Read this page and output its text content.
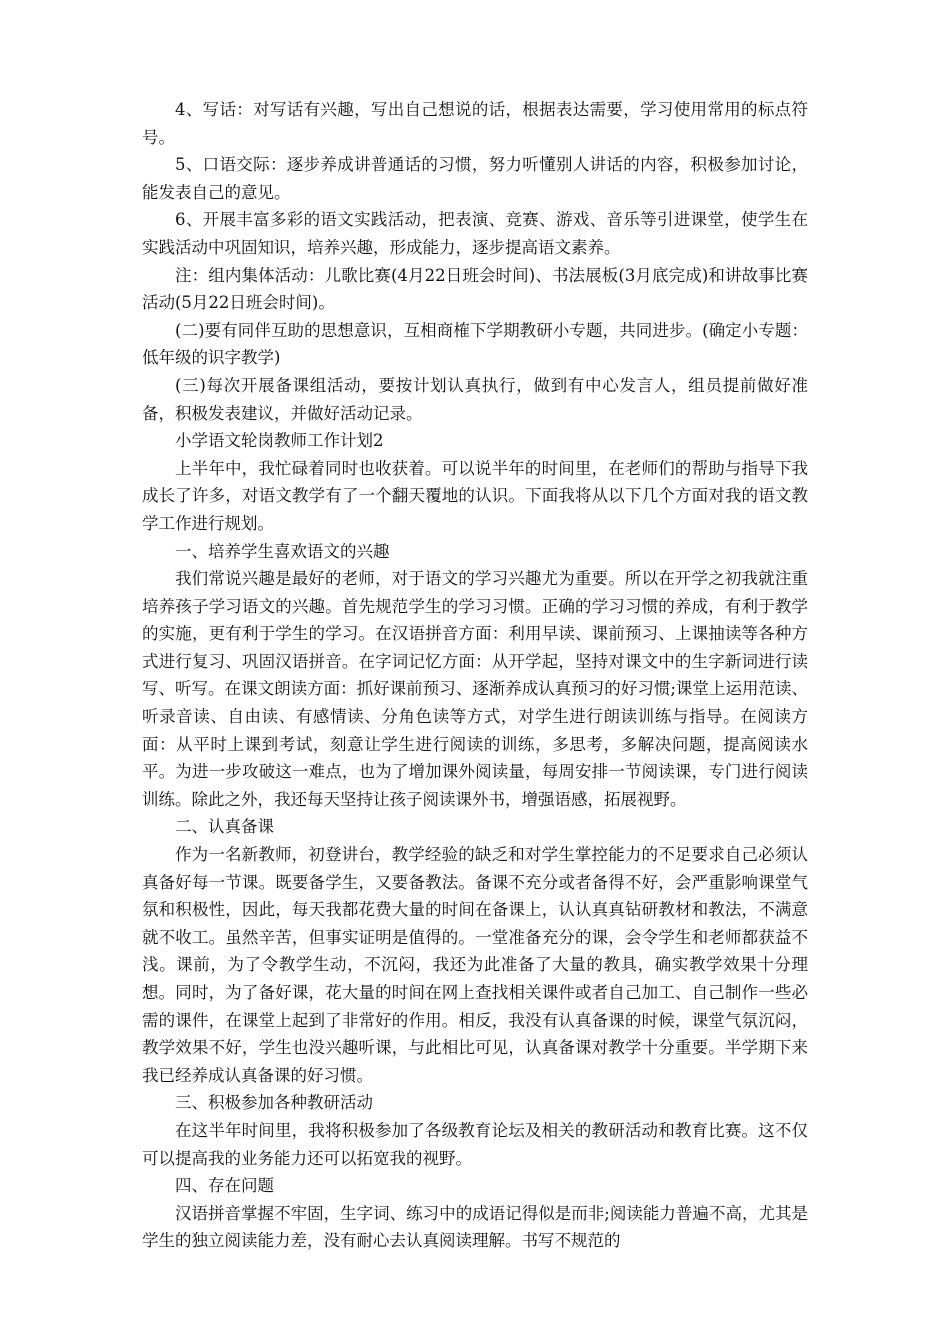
4、写话：对写话有兴趣，写出自己想说的话，根据表达需要，学习使用常用的标点符号。

5、口语交际：逐步养成讲普通话的习惯，努力听懂别人讲话的内容，积极参加讨论，能发表自己的意见。

6、开展丰富多彩的语文实践活动，把表演、竞赛、游戏、音乐等引进课堂，使学生在实践活动中巩固知识，培养兴趣，形成能力，逐步提高语文素养。

注：组内集体活动：儿歌比赛(4月22日班会时间)、书法展板(3月底完成)和讲故事比赛活动(5月22日班会时间)。

(二)要有同伴互助的思想意识，互相商榷下学期教研小专题，共同进步。(确定小专题：低年级的识字教学)

(三)每次开展备课组活动，要按计划认真执行，做到有中心发言人，组员提前做好准备，积极发表建议，并做好活动记录。

小学语文轮岗教师工作计划2

上半年中，我忙碌着同时也收获着。可以说半年的时间里，在老师们的帮助与指导下我成长了许多，对语文教学有了一个翻天覆地的认识。下面我将从以下几个方面对我的语文教学工作进行规划。

一、培养学生喜欢语文的兴趣

我们常说兴趣是最好的老师，对于语文的学习兴趣尤为重要。所以在开学之初我就注重培养孩子学习语文的兴趣。首先规范学生的学习习惯。正确的学习习惯的养成，有利于教学的实施，更有利于学生的学习。在汉语拼音方面：利用早读、课前预习、上课抽读等各种方式进行复习、巩固汉语拼音。在字词记忆方面：从开学起，坚持对课文中的生字新词进行读写、听写。在课文朗读方面：抓好课前预习、逐渐养成认真预习的好习惯;课堂上运用范读、听录音读、自由读、有感情读、分角色读等方式，对学生进行朗读训练与指导。在阅读方面：从平时上课到考试，刻意让学生进行阅读的训练，多思考，多解决问题，提高阅读水平。为进一步攻破这一难点，也为了增加课外阅读量，每周安排一节阅读课，专门进行阅读训练。除此之外，我还每天坚持让孩子阅读课外书，增强语感，拓展视野。

二、认真备课

作为一名新教师，初登讲台，教学经验的缺乏和对学生掌控能力的不足要求自己必须认真备好每一节课。既要备学生，又要备教法。备课不充分或者备得不好，会严重影响课堂气氛和积极性，因此，每天我都花费大量的时间在备课上，认认真真钻研教材和教法，不满意就不收工。虽然辛苦，但事实证明是值得的。一堂准备充分的课，会令学生和老师都获益不浅。课前，为了令教学生动，不沉闷，我还为此准备了大量的教具，确实教学效果十分理想。同时，为了备好课，花大量的时间在网上查找相关课件或者自己加工、自己制作一些必需的课件，在课堂上起到了非常好的作用。相反，我没有认真备课的时候，课堂气氛沉闷，教学效果不好，学生也没兴趣听课，与此相比可见，认真备课对教学十分重要。半学期下来我已经养成认真备课的好习惯。

三、积极参加各种教研活动

在这半年时间里，我将积极参加了各级教育论坛及相关的教研活动和教育比赛。这不仅可以提高我的业务能力还可以拓宽我的视野。

四、存在问题

汉语拼音掌握不牢固，生字词、练习中的成语记得似是而非;阅读能力普遍不高，尤其是学生的独立阅读能力差，没有耐心去认真阅读理解。书写不规范的
